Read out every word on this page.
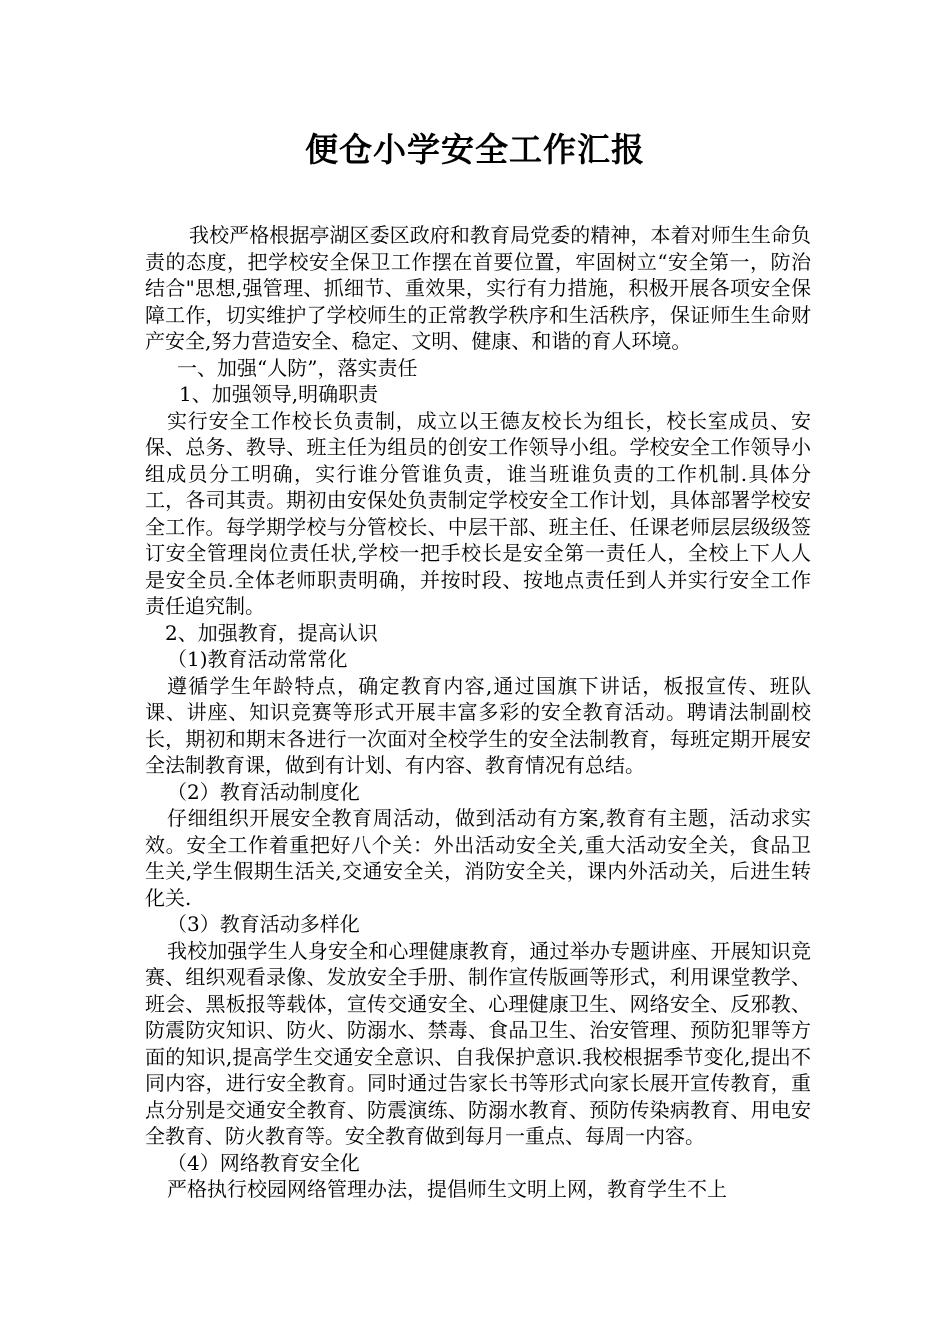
便仓小学安全工作汇报

我校严格根据亭湖区委区政府和教育局党委的精神，本着对师生生命负责的态度，把学校安全保卫工作摆在首要位置，牢固树立“安全第一，防治结合"思想,强管理、抓细节、重效果，实行有力措施，积极开展各项安全保障工作，切实维护了学校师生的正常教学秩序和生活秩序，保证师生生命财产安全,努力营造安全、稳定、文明、健康、和谐的育人环境。

一、加强“人防”，落实责任

1、加强领导,明确职责

实行安全工作校长负责制，成立以王德友校长为组长，校长室成员、安保、总务、教导、班主任为组员的创安工作领导小组。学校安全工作领导小组成员分工明确，实行谁分管谁负责，谁当班谁负责的工作机制.具体分工，各司其责。期初由安保处负责制定学校安全工作计划，具体部署学校安全工作。每学期学校与分管校长、中层干部、班主任、任课老师层层级级签订安全管理岗位责任状,学校一把手校长是安全第一责任人，全校上下人人是安全员.全体老师职责明确，并按时段、按地点责任到人并实行安全工作责任追究制。

2、加强教育，提高认识

（1)教育活动常常化

遵循学生年龄特点，确定教育内容,通过国旗下讲话，板报宣传、班队课、讲座、知识竞赛等形式开展丰富多彩的安全教育活动。聘请法制副校长，期初和期末各进行一次面对全校学生的安全法制教育，每班定期开展安全法制教育课，做到有计划、有内容、教育情况有总结。

（2）教育活动制度化

仔细组织开展安全教育周活动，做到活动有方案,教育有主题，活动求实效。安全工作着重把好八个关：外出活动安全关,重大活动安全关，食品卫生关,学生假期生活关,交通安全关，消防安全关，课内外活动关，后进生转化关.

（3）教育活动多样化

我校加强学生人身安全和心理健康教育，通过举办专题讲座、开展知识竞赛、组织观看录像、发放安全手册、制作宣传版画等形式，利用课堂教学、班会、黑板报等载体，宣传交通安全、心理健康卫生、网络安全、反邪教、防震防灾知识、防火、防溺水、禁毒、食品卫生、治安管理、预防犯罪等方面的知识,提高学生交通安全意识、自我保护意识.我校根据季节变化,提出不同内容，进行安全教育。同时通过告家长书等形式向家长展开宣传教育，重点分别是交通安全教育、防震演练、防溺水教育、预防传染病教育、用电安全教育、防火教育等。安全教育做到每月一重点、每周一内容。

（4）网络教育安全化

严格执行校园网络管理办法，提倡师生文明上网，教育学生不上
